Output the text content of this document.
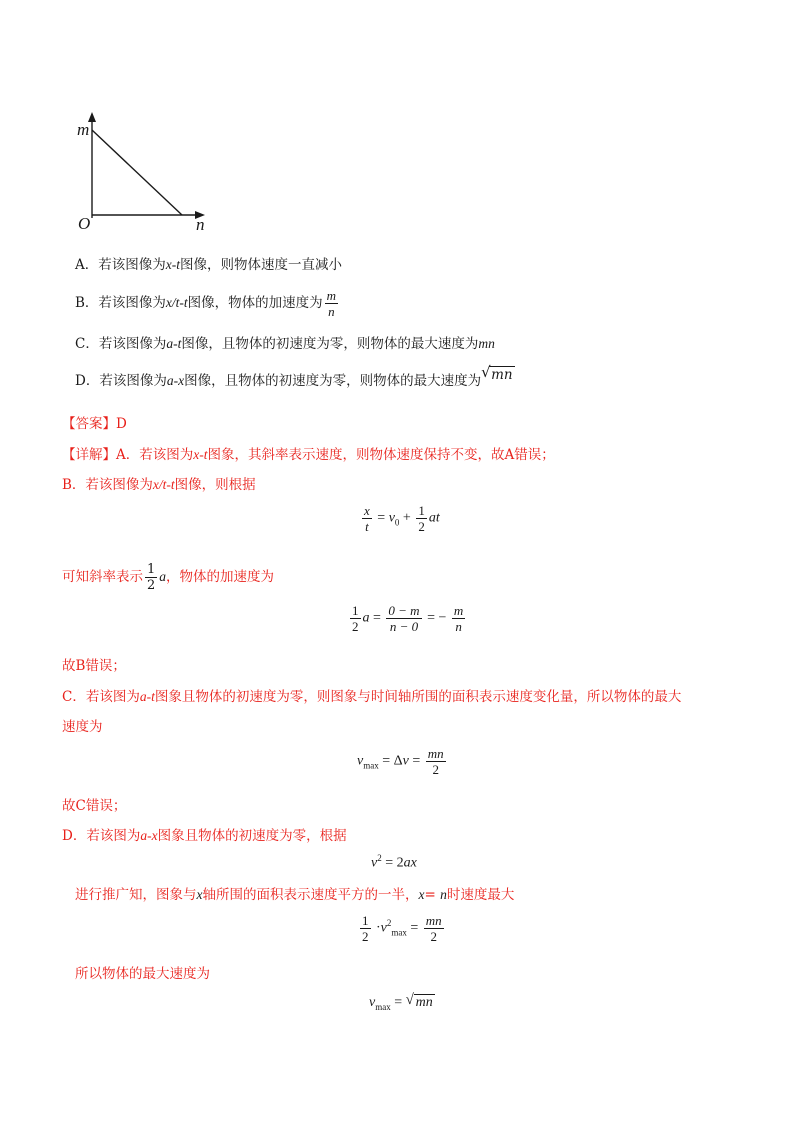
m
O	n
A．若该图像为x-t图像，则物体速度一直减小
B．若该图像为x/t-t图像，物体的加速度为 $\frac{m}{n}$
C．若该图像为a-t图像，且物体的初速度为零，则物体的最大速度为mn
D．若该图像为a-x图像，且物体的初速度为零，则物体的最大速度为 √ mn
【答案】D
【详解】A．若该图为x-t图象，其斜率表示速度，则物体速度保持不变，故A错误；
B．若该图像为x/t-t图像，则根据
$\frac{x}{t} = v_0 + \frac{1}{2}$ at
可知斜率表示 $\frac{1}{2}$ a，物体的加速度为
$\frac{1}{2}$ $a = \frac{0 - m}{n - 0}$ = − $\frac{m}{n}$
故B错误；
C．若该图为a-t图象且物体的初速度为零，则图象与时间轴所围的面积表示速度变化量，所以物体的最大
速度为
$v_{max} = \Delta v = \frac{mn}{2}$
故C错误；
D．若该图为a-x图象且物体的初速度为零，根据
$v^2 = 2ax$
进行推广知，图象与x轴所围的面积表示速度平方的一半，x= n时速度最大
$\frac{1}{2} \cdot v^2_{max} = \frac{mn}{2}$
所以物体的最大速度为
$v_{max}$ = √ mn
